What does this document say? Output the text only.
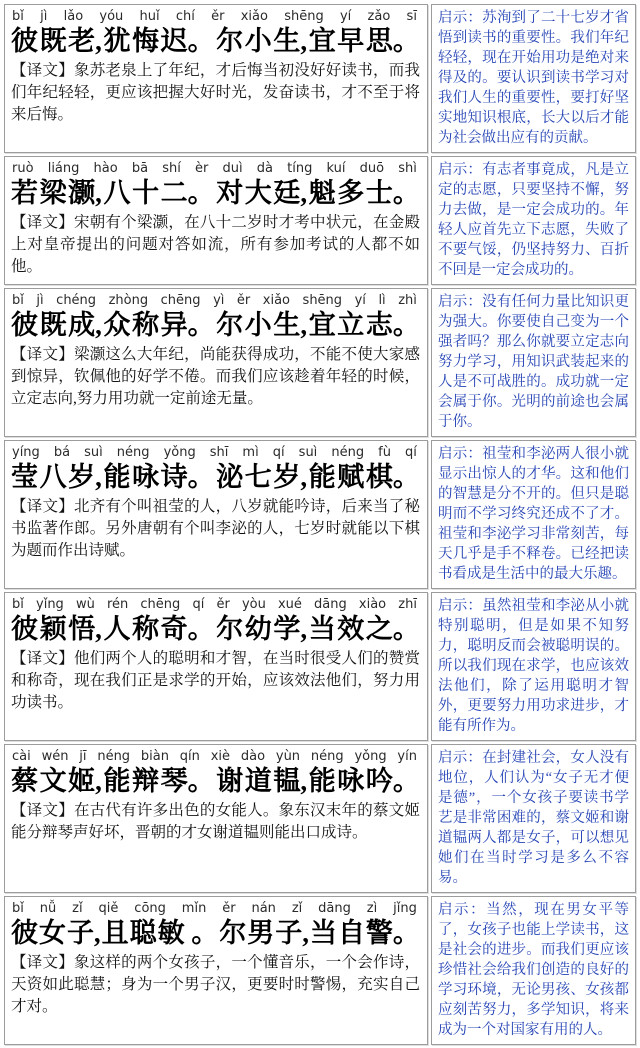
bǐ jì lǎo yóu huǐ chí ěr xiǎo shēng yí zǎo sī
彼 既 老, 犹 悔 迟。 尔 小 生, 宜 早 思。
【译文】象苏老泉上了年纪，才后悔当初没好好读书，而我们年纪轻轻，更应该把握大好时光，发奋读书，才不至于将来后悔。

启示：苏洵到了二十七岁才省悟到读书的重要性。我们年纪轻轻，现在开始用功是绝对来得及的。要认识到读书学习对我们人生的重要性，要打好坚实地知识根底，长大以后才能为社会做出应有的贡献。

ruò liáng hào bā shí èr duì dà tíng kuí duō shì
若 梁 灏, 八 十 二。 对 大 廷, 魁 多 士。
【译文】宋朝有个梁灏，在八十二岁时才考中状元，在金殿上对皇帝提出的问题对答如流，所有参加考试的人都不如他。

启示：有志者事竟成，凡是立定的志愿，只要坚持不懈，努力去做，是一定会成功的。年轻人应首先立下志愿，失败了不要气馁，仍坚持努力、百折不回是一定会成功的。

bǐ jì chéng zhòng chēng yì ěr xiǎo shēng yí lì zhì
彼 既 成, 众 称 异。 尔 小 生, 宜 立 志。
【译文】梁灏这么大年纪，尚能获得成功，不能不使大家感到惊异，钦佩他的好学不倦。而我们应该趁着年轻的时候，立定志向,努力用功就一定前途无量。

启示：没有任何力量比知识更为强大。你要使自己变为一个强者吗？那么你就要立定志向努力学习，用知识武装起来的人是不可战胜的。成功就一定会属于你。光明的前途也会属于你。

yíng bá suì néng yǒng shī mì qí suì néng fù qí
莹 八 岁, 能 咏 诗。 泌 七 岁, 能 赋 棋。
【译文】北齐有个叫祖莹的人，八岁就能吟诗，后来当了秘书监著作郎。另外唐朝有个叫李泌的人，七岁时就能以下棋为题而作出诗赋。

启示：祖莹和李泌两人很小就显示出惊人的才华。这和他们的智慧是分不开的。但只是聪明而不学习终究还成不了才。祖莹和李泌学习非常刻苦，每天几乎是手不释卷。已经把读书看成是生活中的最大乐趣。

bǐ yǐng wù rén chēng qí ěr yòu xué dāng xiào zhī
彼 颖 悟, 人 称 奇。 尔 幼 学, 当 效 之。
【译文】他们两个人的聪明和才智，在当时很受人们的赞赏和称奇，现在我们正是求学的开始，应该效法他们，努力用功读书。

启示：虽然祖莹和李泌从小就特别聪明，但是如果不知努力，聪明反而会被聪明误的。所以我们现在求学，也应该效法他们，除了运用聪明才智外，更要努力用功求进步，才能有所作为。

cài wén jī néng biàn qín xiè dào yùn néng yǒng yín
蔡 文 姬, 能 辩 琴。 谢 道 韫, 能 咏 吟。
【译文】在古代有许多出色的女能人。象东汉末年的蔡文姬能分辩琴声好坏，晋朝的才女谢道韫则能出口成诗。

启示：在封建社会，女人没有地位，人们认为“女子无才便是德”，一个女孩子要读书学艺是非常困难的，蔡文姬和谢道韫两人都是女子，可以想见她们在当时学习是多么不容易。

bǐ nǚ zǐ qiě cōng mǐn ěr nán zǐ dāng zì jǐng
彼 女 子, 且 聪 敏 。 尔 男 子, 当 自 警。
【译文】象这样的两个女孩子，一个懂音乐，一个会作诗，天资如此聪慧；身为一个男子汉，更要时时警惕，充实自己才对。

启示：当然，现在男女平等了，女孩子也能上学读书，这是社会的进步。而我们更应该珍惜社会给我们创造的良好的学习环境，无论男孩、女孩都应刻苦努力，多学知识，将来成为一个对国家有用的人。
